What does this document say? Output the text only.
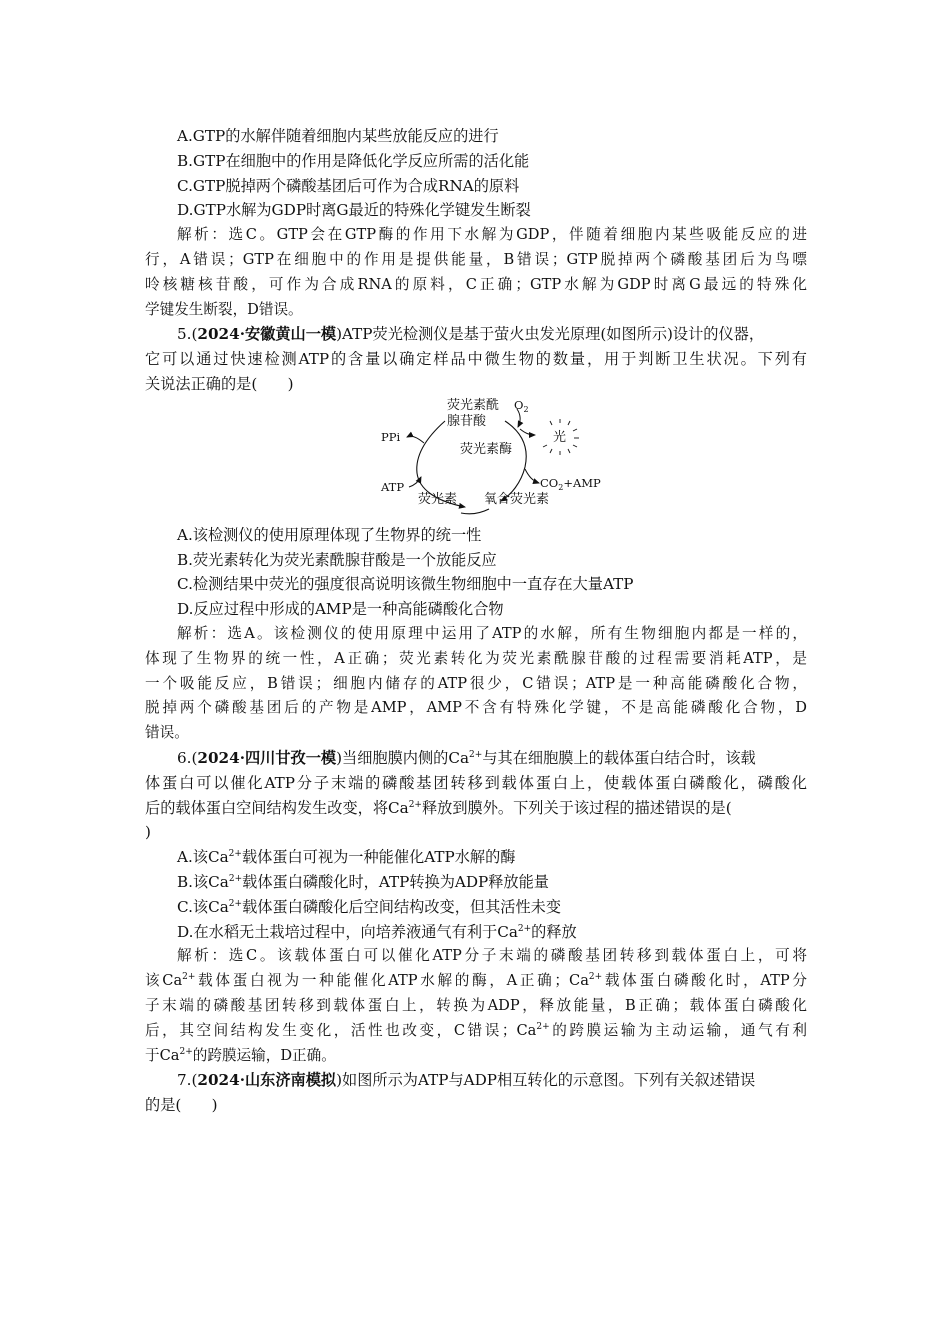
A.GTP的水解伴随着细胞内某些放能反应的进行
B.GTP在细胞中的作用是降低化学反应所需的活化能
C.GTP脱掉两个磷酸基团后可作为合成RNA的原料
D.GTP水解为GDP时离G最近的特殊化学键发生断裂
解析：选C。GTP会在GTP酶的作用下水解为GDP，伴随着细胞内某些吸能反应的进
行，A错误；GTP在细胞中的作用是提供能量，B错误；GTP脱掉两个磷酸基团后为鸟嘌
呤核糖核苷酸，可作为合成RNA的原料，C正确；GTP水解为GDP时离G最远的特殊化
学键发生断裂，D错误。
5.(2024·安徽黄山一模)ATP荧光检测仪是基于萤火虫发光原理(如图所示)设计的仪器，
它可以通过快速检测ATP的含量以确定样品中微生物的数量，用于判断卫生状况。下列有
关说法正确的是(　　)
荧光素酰
腺苷酸
$O_2$
光
PPi
荧光素酶
ATP	$CO_2+AMP$
荧光素 氧合荧光素
A.该检测仪的使用原理体现了生物界的统一性
B.荧光素转化为荧光素酰腺苷酸是一个放能反应
C.检测结果中荧光的强度很高说明该微生物细胞中一直存在大量ATP
D.反应过程中形成的AMP是一种高能磷酸化合物
解析：选A。该检测仪的使用原理中运用了ATP的水解，所有生物细胞内都是一样的，
体现了生物界的统一性，A正确；荧光素转化为荧光素酰腺苷酸的过程需要消耗ATP，是
一个吸能反应，B错误；细胞内储存的ATP很少，C错误；ATP是一种高能磷酸化合物，
脱掉两个磷酸基团后的产物是AMP，AMP不含有特殊化学键，不是高能磷酸化合物，D
错误。
6.(2024·四川甘孜一模)当细胞膜内侧的$Ca^{2+}$与其在细胞膜上的载体蛋白结合时，该载
体蛋白可以催化ATP分子末端的磷酸基团转移到载体蛋白上，使载体蛋白磷酸化，磷酸化
后的载体蛋白空间结构发生改变，将$Ca^{2+}$释放到膜外。下列关于该过程的描述错误的是(
)
A.该$Ca^{2+}$载体蛋白可视为一种能催化ATP水解的酶
B.该$Ca^{2+}$载体蛋白磷酸化时，ATP转换为ADP释放能量
C.该$Ca^{2+}$载体蛋白磷酸化后空间结构改变，但其活性未变
D.在水稻无土栽培过程中，向培养液通气有利于$Ca^{2+}$的释放
解析：选C。该载体蛋白可以催化ATP分子末端的磷酸基团转移到载体蛋白上，可将
该$Ca^{2+}$载体蛋白视为一种能催化ATP水解的酶，A正确；$Ca^{2+}$载体蛋白磷酸化时，ATP分
子末端的磷酸基团转移到载体蛋白上，转换为ADP，释放能量，B正确；载体蛋白磷酸化
后，其空间结构发生变化，活性也改变，C错误；$Ca^{2+}$的跨膜运输为主动运输，通气有利
于$Ca^{2+}$的跨膜运输，D正确。
7.(2024·山东济南模拟)如图所示为ATP与ADP相互转化的示意图。下列有关叙述错误
的是(　　)
